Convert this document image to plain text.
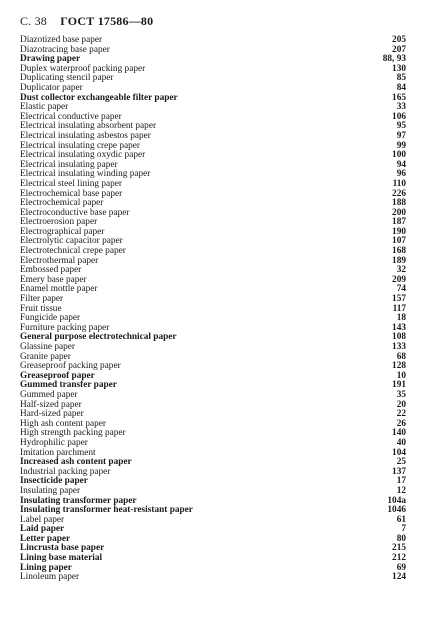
C. 38 ГОСТ 17586—80
Diazotized base paper	205
Diazotracing base paper	207
Drawing paper	88, 93
Duplex waterproof packing paper	130
Duplicating stencil paper	85
Duplicator paper	84
Dust collector exchangeable filter paper	165
Elastic paper	33
Electrical conductive paper	106
Electrical insulating absorbent paper	95
Electrical insulating asbestos paper	97
Electrical insulating crepe paper	99
Electrical insulating oxydic paper	100
Electrical insulating paper	94
Electrical insulating winding paper	96
Electrical steel lining paper	110
Electrochemical base paper	226
Electrochemical paper	188
Electroconductive base paper	200
Electroerosion paper	187
Electrographical paper	190
Electrolytic capacitor paper	107
Electrotechnical crepe paper	168
Electrothermal paper	189
Embossed paper	32
Emery base paper	209
Enamel mottle paper	74
Filter paper	157
Fruit tissue	117
Fungicide paper	18
Furniture packing paper	143
General purpose electrotechnical paper	108
Glassine paper	133
Granite paper	68
Greaseproof packing paper	128
Greaseproof paper	10
Gummed transfer paper	191
Gummed paper	35
Half-sized paper	20
Hard-sized paper	22
High ash content paper	26
High strength packing paper	140
Hydrophilic paper	40
Imitation parchment	104
Increased ash content paper	25
Industrial packing paper	137
Insecticide paper	17
Insulating paper	12
Insulating transformer paper	104a
Insulating transformer heat-resistant paper	1046
Label paper	61
Laid paper	7
Letter paper	80
Lincrusta base paper	215
Lining base material	212
Lining paper	69
Linoleum paper	124
